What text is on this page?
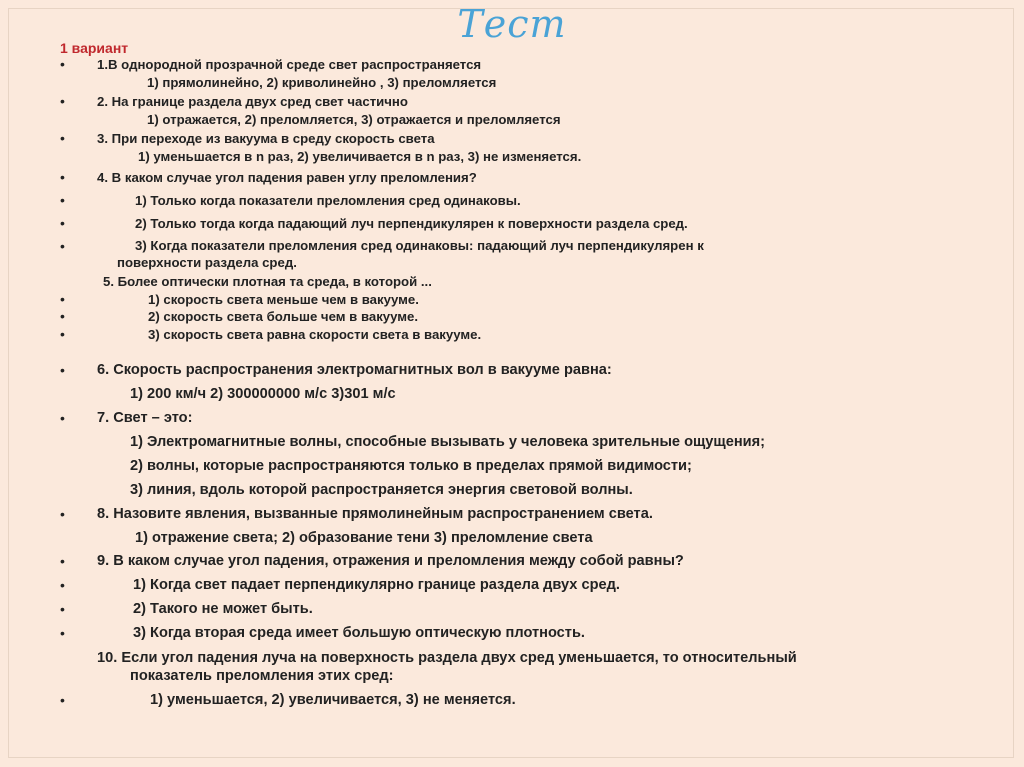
Тест
1 вариант
• 1.В однородной прозрачной среде свет распространяется
1) прямолинейно, 2) криволинейно , 3) преломляется
• 2. На границе раздела двух сред свет частично
1) отражается, 2) преломляется, 3) отражается и преломляется
• 3. При переходе из вакуума в среду скорость света
1) уменьшается в n раз, 2) увеличивается в n раз, 3) не изменяется.
• 4. В каком случае угол падения равен углу преломления?
•	1) Только когда показатели преломления сред одинаковы.
•	2) Только тогда когда падающий луч перпендикулярен к поверхности раздела сред.
•	3) Когда показатели преломления сред одинаковы: падающий луч перпендикулярен к
поверхности раздела сред.
5. Более оптически плотная та среда, в которой ...
•	1) скорость света меньше чем в вакууме.
•	2) скорость света больше чем в вакууме.
•	3) скорость света равна скорости света в вакууме.
• 6. Скорость распространения электромагнитных вол в вакууме равна:
1) 200 км/ч 2) 300000000 м/с 3)301 м/с
• 7. Свет – это:
1) Электромагнитные волны, способные вызывать у человека зрительные ощущения;
2) волны, которые распространяются только в пределах прямой видимости;
3) линия, вдоль которой распространяется энергия световой волны.
• 8. Назовите явления, вызванные прямолинейным распространением света.
1) отражение света; 2) образование тени 3) преломление света
• 9. В каком случае угол падения, отражения и преломления между собой равны?
•	1) Когда свет падает перпендикулярно границе раздела двух сред.
•	2) Такого не может быть.
•	3) Когда вторая среда имеет большую оптическую плотность.
10. Если угол падения луча на поверхность раздела двух сред уменьшается, то относительный
показатель преломления этих сред:
•	1) уменьшается, 2) увеличивается, 3) не меняется.
